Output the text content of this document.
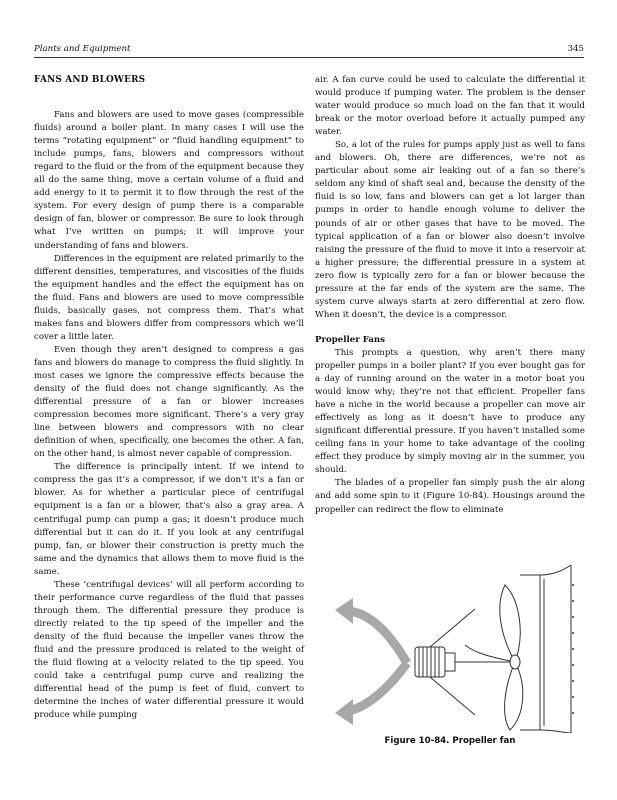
Plants and Equipment	345
FANS AND BLOWERS

Fans and blowers are used to move gases (compressible fluids) around a boiler plant. In many cases I will use the terms “rotating equipment” or “fluid handling equipment” to include pumps, fans, blowers and compressors without regard to the fluid or the from of the equipment because they all do the same thing, move a certain volume of a fluid and add energy to it to permit it to flow through the rest of the system. For every design of pump there is a comparable design of fan, blower or compressor. Be sure to look through what I’ve written on pumps; it will improve your understanding of fans and blowers.

Differences in the equipment are related primarily to the different densities, temperatures, and viscosities of the fluids the equipment handles and the effect the equipment has on the fluid. Fans and blowers are used to move compressible fluids, basically gases, not compress them. That’s what makes fans and blowers differ from compressors which we’ll cover a little later.

Even though they aren’t designed to compress a gas fans and blowers do manage to compress the fluid slightly. In most cases we ignore the compressive effects because the density of the fluid does not change significantly. As the differential pressure of a fan or blower increases compression becomes more significant. There’s a very gray line between blowers and compressors with no clear definition of when, specifically, one becomes the other. A fan, on the other hand, is almost never capable of compression.

The difference is principally intent. If we intend to compress the gas it’s a compressor, if we don’t it’s a fan or blower. As for whether a particular piece of centrifugal equipment is a fan or a blower, that’s also a gray area. A centrifugal pump can pump a gas; it doesn’t produce much differential but it can do it. If you look at any centrifugal pump, fan, or blower their construction is pretty much the same and the dynamics that allows them to move fluid is the same.

These ‘centrifugal devices’ will all perform according to their performance curve regardless of the fluid that passes through them. The differential pressure they produce is directly related to the tip speed of the impeller and the density of the fluid because the impeller vanes throw the fluid and the pressure produced is related to the weight of the fluid flowing at a velocity related to the tip speed. You could take a centrifugal pump curve and realizing the differential head of the pump is feet of fluid, convert to determine the inches of water differential pressure it would produce while pumping

air. A fan curve could be used to calculate the differential it would produce if pumping water. The problem is the denser water would produce so much load on the fan that it would break or the motor overload before it actually pumped any water.

So, a lot of the rules for pumps apply just as well to fans and blowers. Oh, there are differences, we’re not as particular about some air leaking out of a fan so there’s seldom any kind of shaft seal and, because the density of the fluid is so low, fans and blowers can get a lot larger than pumps in order to handle enough volume to deliver the pounds of air or other gases that have to be moved. The typical application of a fan or blower also doesn’t involve raising the pressure of the fluid to move it into a reservoir at a higher pressure; the differential pressure in a system at zero flow is typically zero for a fan or blower because the pressure at the far ends of the system are the same. The system curve always starts at zero differential at zero flow. When it doesn’t, the device is a compressor.

Propeller Fans

This prompts a question, why aren’t there many propeller pumps in a boiler plant? If you ever bought gas for a day of running around on the water in a motor boat you would know why; they’re not that efficient. Propeller fans have a niche in the world because a propeller can move air effectively as long as it doesn’t have to produce any significant differential pressure. If you haven’t installed some ceiling fans in your home to take advantage of the cooling effect they produce by simply moving air in the summer, you should.

The blades of a propeller fan simply push the air along and add some spin to it (Figure 10-84). Housings around the propeller can redirect the flow to eliminate

Figure 10-84. Propeller fan
